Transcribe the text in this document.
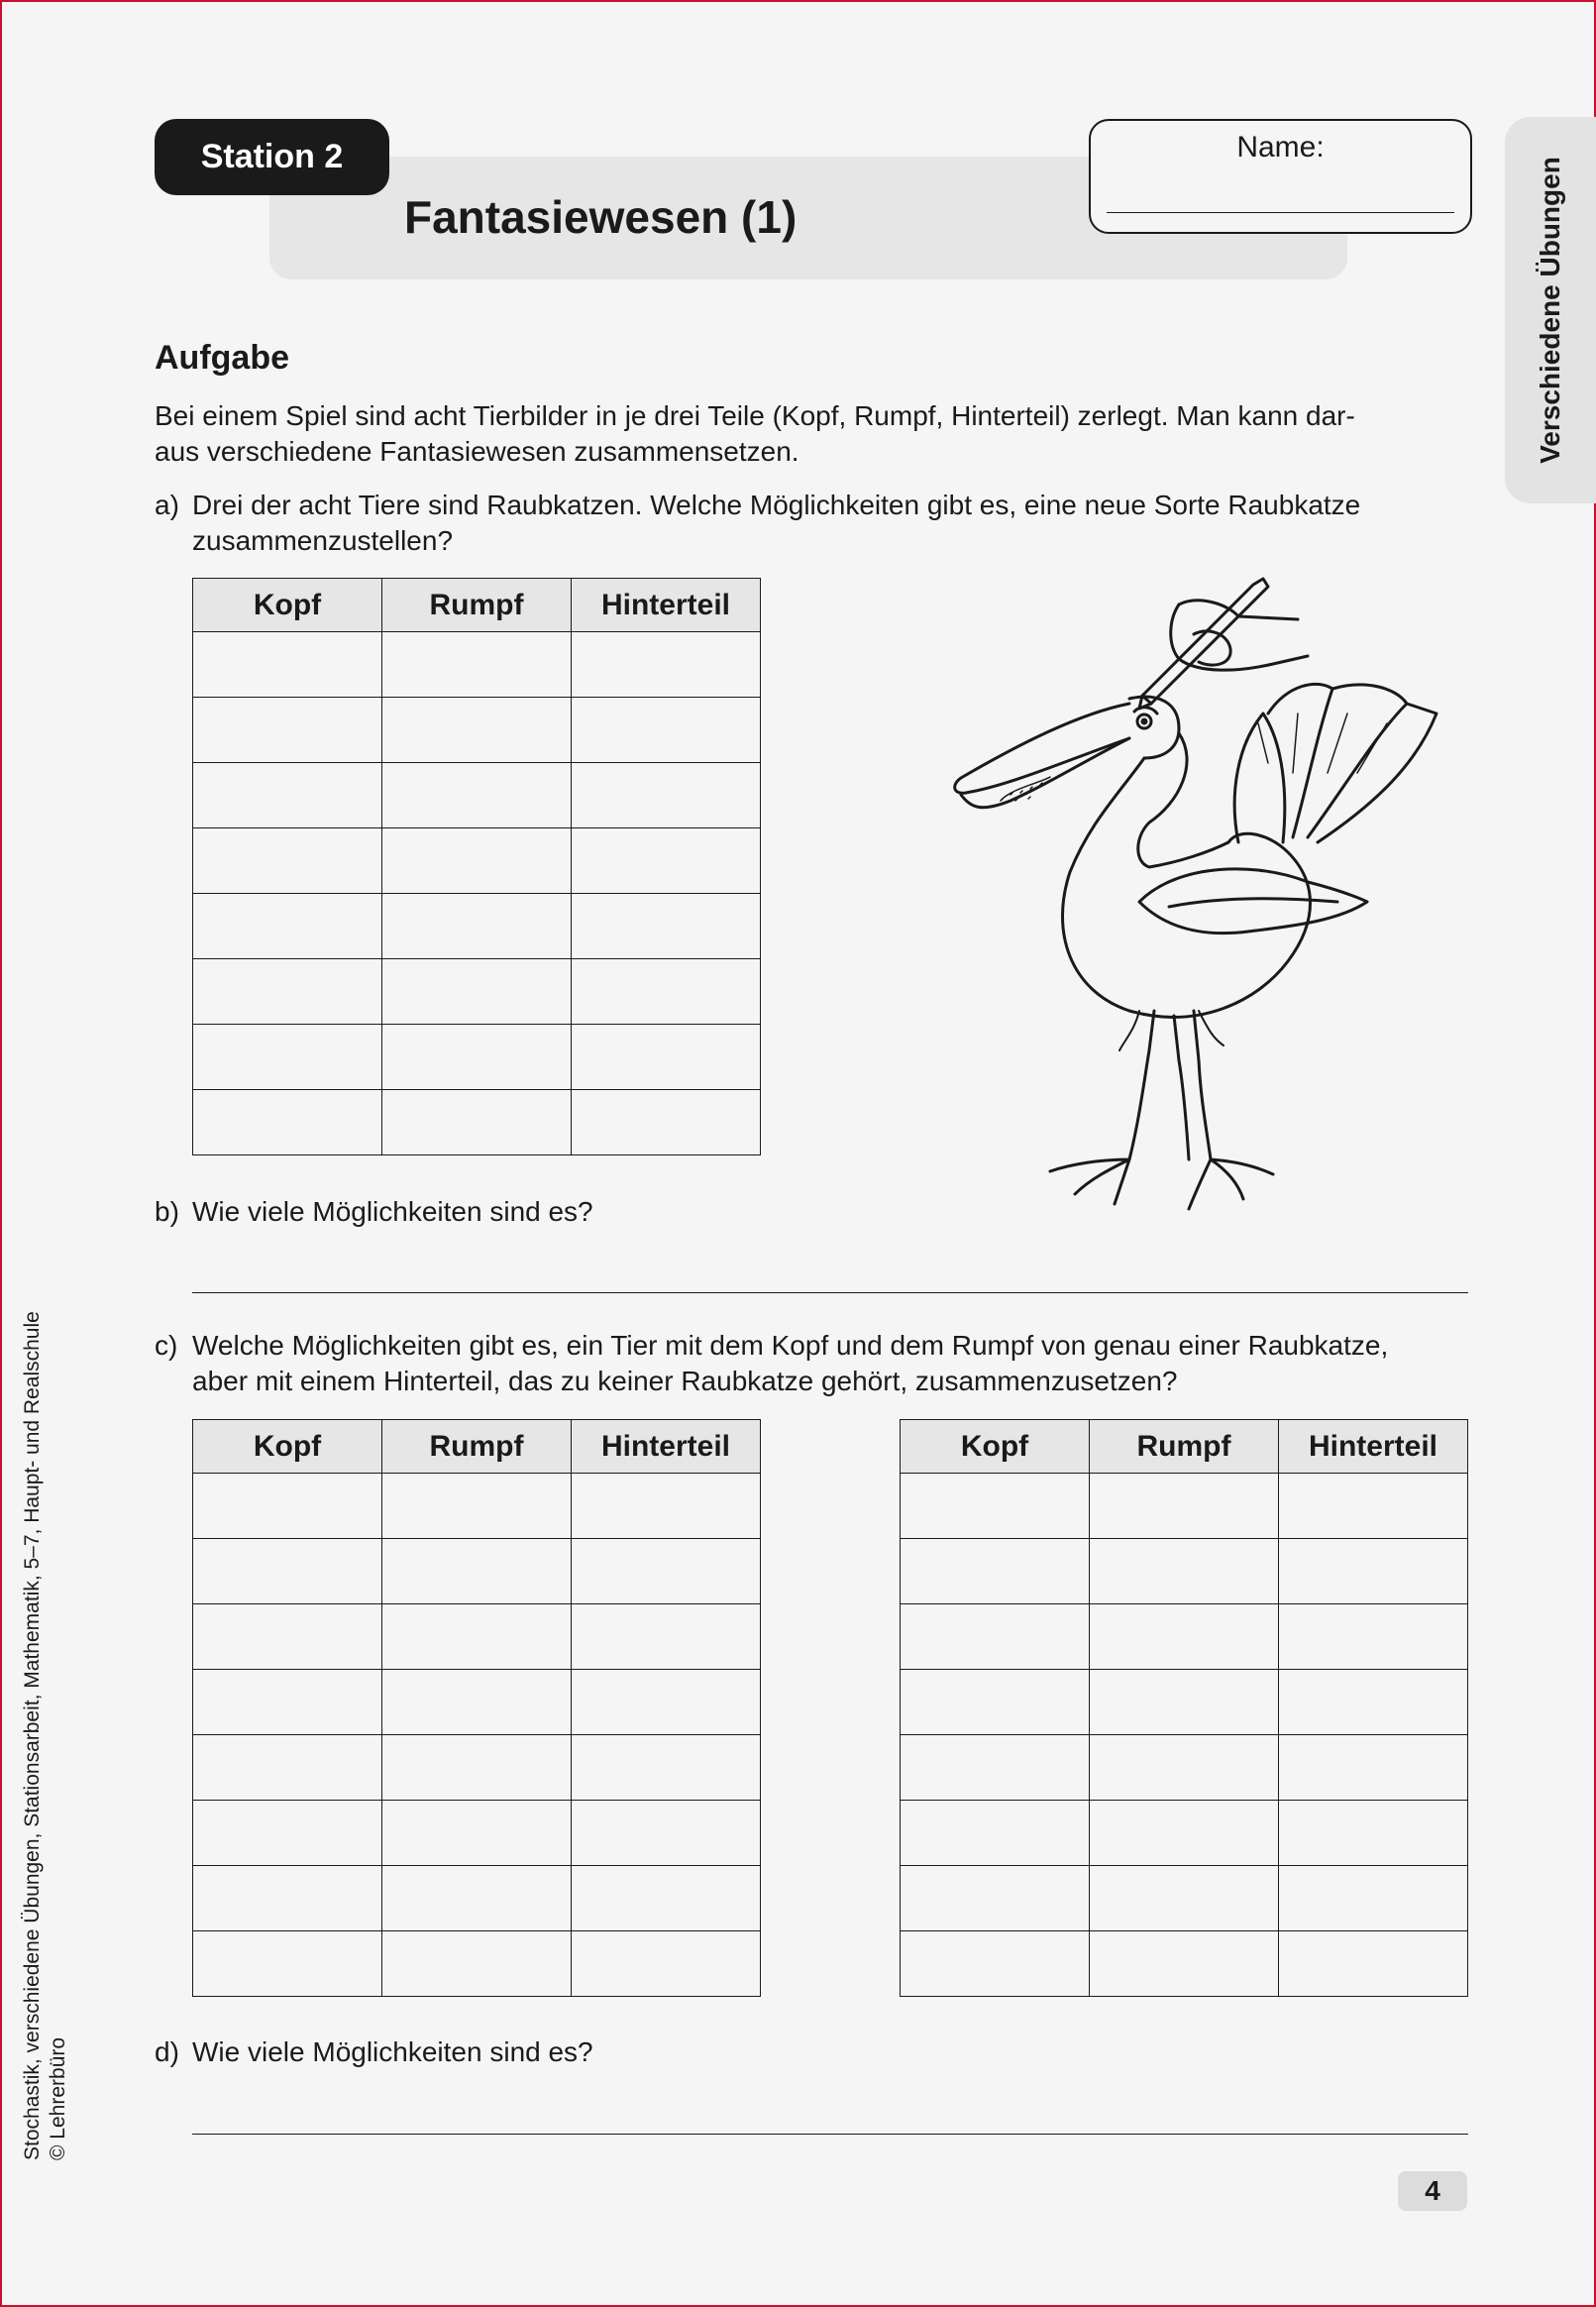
Station 2
Fantasiewesen (1)
Name:
Verschiedene Übungen
Stochastik, verschiedene Übungen, Stationsarbeit, Mathematik, 5–7, Haupt- und Realschule © Lehrerbüro
Aufgabe
Bei einem Spiel sind acht Tierbilder in je drei Teile (Kopf, Rumpf, Hinterteil) zerlegt. Man kann dar-
aus verschiedene Fantasiewesen zusammensetzen.
a) Drei der acht Tiere sind Raubkatzen. Welche Möglichkeiten gibt es, eine neue Sorte Raubkatze
zusammenzustellen?
Kopf	Rumpf	Hinterteil

b) Wie viele Möglichkeiten sind es?
c) Welche Möglichkeiten gibt es, ein Tier mit dem Kopf und dem Rumpf von genau einer Raubkatze,
aber mit einem Hinterteil, das zu keiner Raubkatze gehört, zusammenzusetzen?
Kopf	Rumpf	Hinterteil

			Kopf	Rumpf	Hinterteil

d) Wie viele Möglichkeiten sind es?
4
